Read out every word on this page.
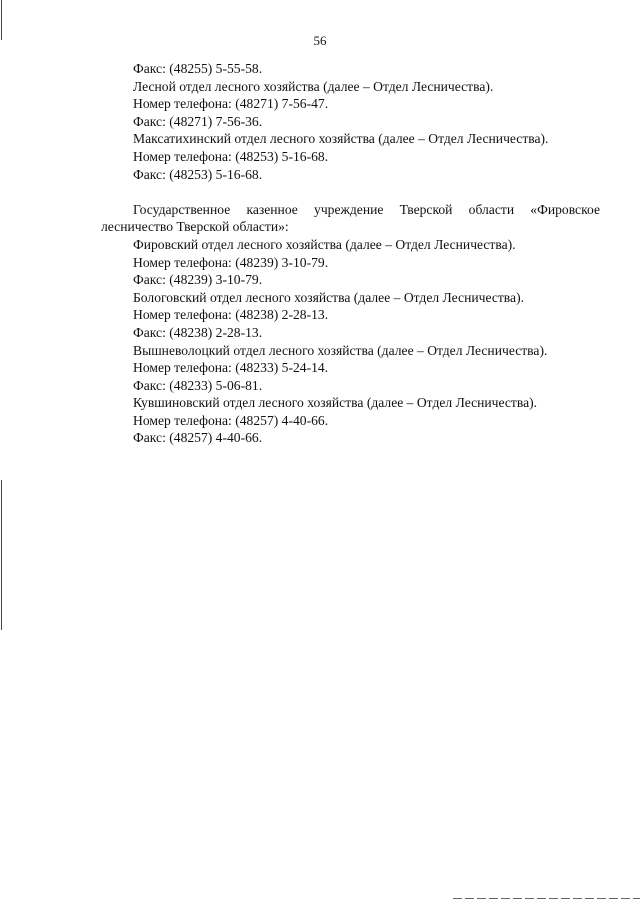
56
Факс: (48255) 5-55-58.
Лесной отдел лесного хозяйства (далее – Отдел Лесничества).
Номер телефона: (48271) 7-56-47.
Факс: (48271) 7-56-36.
Максатихинский отдел лесного хозяйства (далее – Отдел Лесничества).
Номер телефона: (48253) 5-16-68.
Факс: (48253) 5-16-68.
Государственное казенное учреждение Тверской области «Фировское лесничество Тверской области»:
Фировский отдел лесного хозяйства (далее – Отдел Лесничества).
Номер телефона: (48239) 3-10-79.
Факс: (48239) 3-10-79.
Бологовский отдел лесного хозяйства (далее – Отдел Лесничества).
Номер телефона: (48238) 2-28-13.
Факс: (48238) 2-28-13.
Вышневолоцкий отдел лесного хозяйства (далее – Отдел Лесничества).
Номер телефона: (48233) 5-24-14.
Факс: (48233) 5-06-81.
Кувшиновский отдел лесного хозяйства (далее – Отдел Лесничества).
Номер телефона: (48257) 4-40-66.
Факс: (48257) 4-40-66.
